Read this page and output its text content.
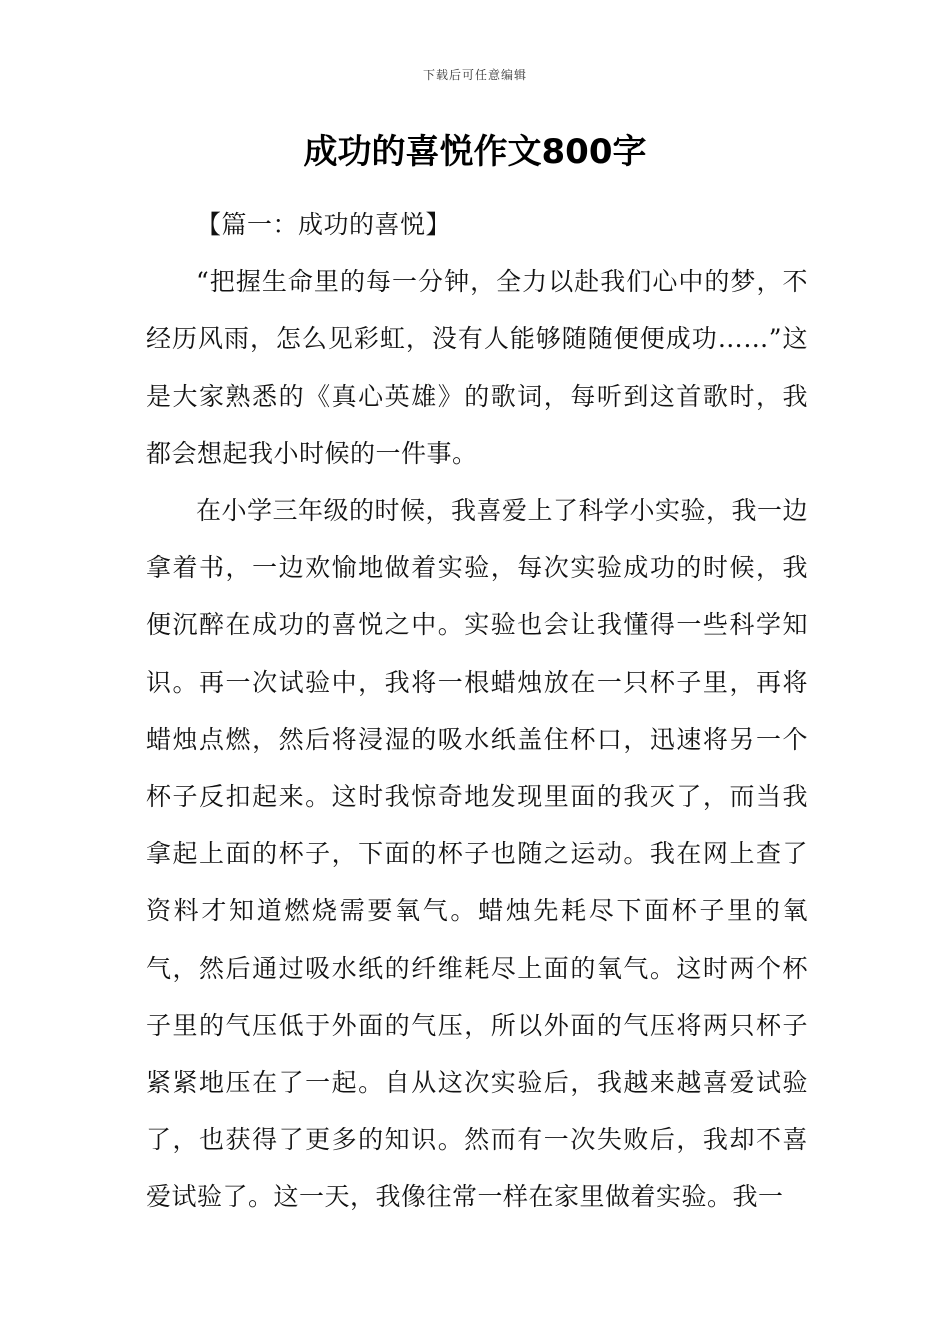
下载后可任意编辑
成功的喜悦作文800字

【篇一：成功的喜悦】

“把握生命里的每一分钟，全力以赴我们心中的梦，不经历风雨，怎么见彩虹，没有人能够随随便便成功……”这是大家熟悉的《真心英雄》的歌词，每听到这首歌时，我都会想起我小时候的一件事。

在小学三年级的时候，我喜爱上了科学小实验，我一边拿着书，一边欢愉地做着实验，每次实验成功的时候，我便沉醉在成功的喜悦之中。实验也会让我懂得一些科学知识。再一次试验中，我将一根蜡烛放在一只杯子里，再将蜡烛点燃，然后将浸湿的吸水纸盖住杯口，迅速将另一个杯子反扣起来。这时我惊奇地发现里面的我灭了，而当我拿起上面的杯子，下面的杯子也随之运动。我在网上查了资料才知道燃烧需要氧气。蜡烛先耗尽下面杯子里的氧气，然后通过吸水纸的纤维耗尽上面的氧气。这时两个杯子里的气压低于外面的气压，所以外面的气压将两只杯子紧紧地压在了一起。自从这次实验后，我越来越喜爱试验了，也获得了更多的知识。然而有一次失败后，我却不喜爱试验了。这一天，我像往常一样在家里做着实验。我一
